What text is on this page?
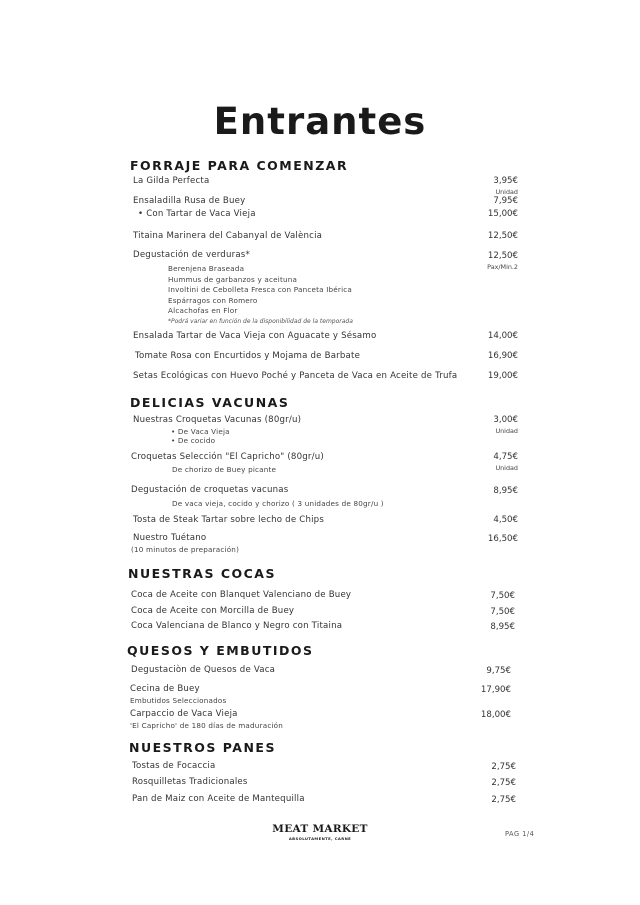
Entrantes
FORRAJE PARA COMENZAR
La Gilda Perfecta	3,95€
Unidad
Ensaladilla Rusa de Buey	7,95€
• Con Tartar de Vaca Vieja	15,00€
Titaina Marinera del Cabanyal de València	12,50€
Degustación de verduras*	12,50€
Pax/Min.2
Berenjena Braseada
Hummus de garbanzos y aceituna
Involtini de Cebolleta Fresca con Panceta Ibérica
Espárragos con Romero
Alcachofas en Flor
*Podrá variar en función de la disponibilidad de la temporada
Ensalada Tartar de Vaca Vieja con Aguacate y Sésamo	14,00€
Tomate Rosa con Encurtidos y Mojama de Barbate	16,90€
Setas Ecológicas con Huevo Poché y Panceta de Vaca en Aceite de Trufa	19,00€
DELICIAS VACUNAS
Nuestras Croquetas Vacunas (80gr/u)	3,00€
Unidad
• De Vaca Vieja
• De cocido
Croquetas Selección "El Capricho" (80gr/u)	4,75€
Unidad
De chorizo de Buey picante
Degustación de croquetas vacunas	8,95€
De vaca vieja, cocido y chorizo ( 3 unidades de 80gr/u )
Tosta de Steak Tartar sobre lecho de Chips	4,50€
Nuestro Tuétano	16,50€
(10 minutos de preparación)
NUESTRAS COCAS
Coca de Aceite con Blanquet Valenciano de Buey	7,50€
Coca de Aceite con Morcilla de Buey	7,50€
Coca Valenciana de Blanco y Negro con Titaina	8,95€
QUESOS Y EMBUTIDOS
Degustaciòn de Quesos de Vaca	9,75€
Cecina de Buey	17,90€
Embutidos Seleccionados
Carpaccio de Vaca Vieja	18,00€
'El Capricho' de 180 días de maduración
NUESTROS PANES
Tostas de Focaccia	2,75€
Rosquilletas Tradicionales	2,75€
Pan de Maiz con Aceite de Mantequilla	2,75€
MEAT MARKET
ABSOLUTAMENTE, CARNE
PAG 1/4
